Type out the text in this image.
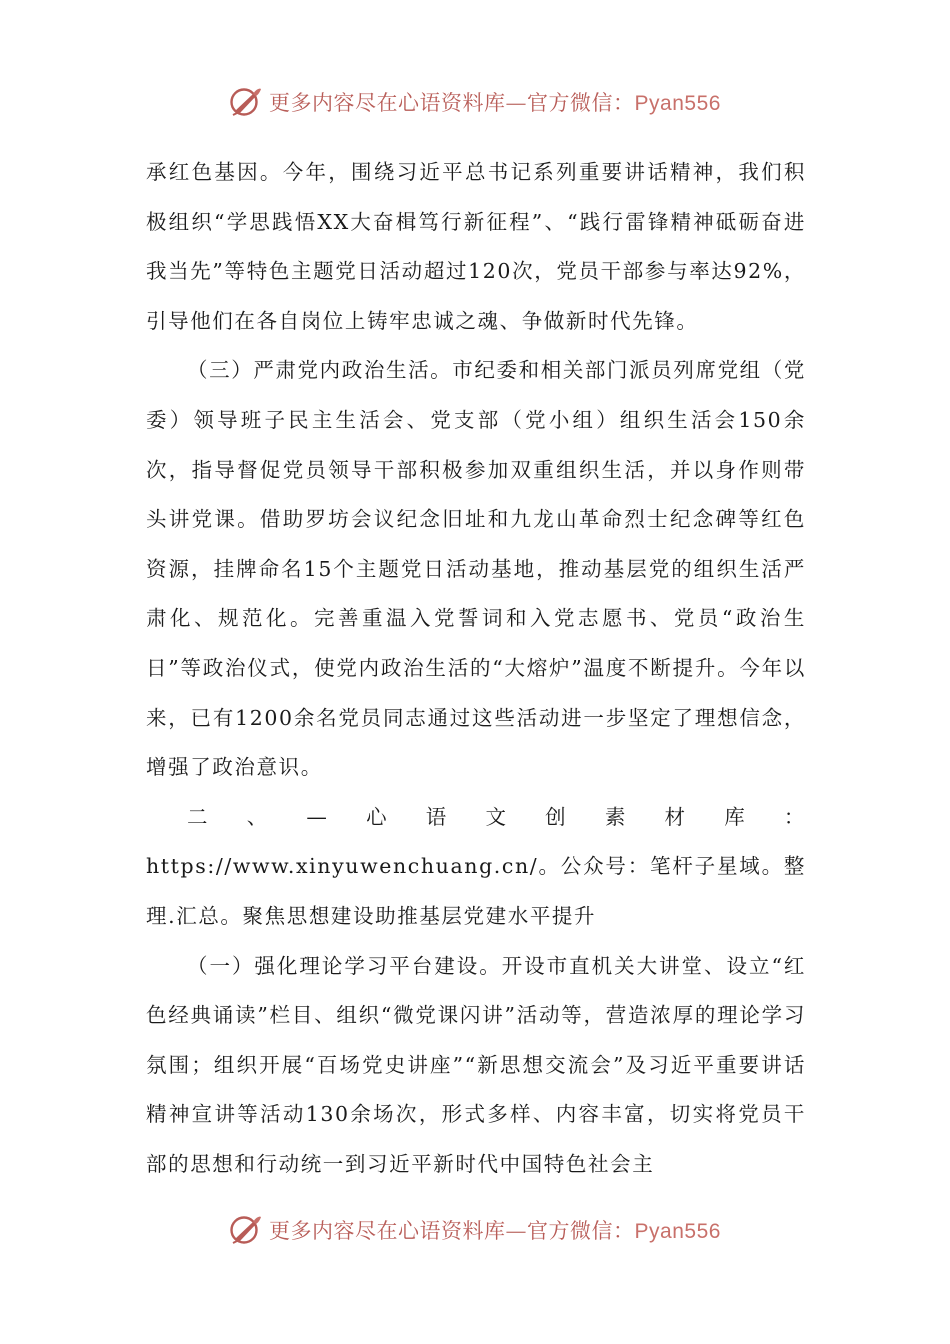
更多内容尽在心语资料库—官方微信：Pyan556

承红色基因。今年，围绕习近平总书记系列重要讲话精神，我们积极组织“学思践悟XX大奋楫笃行新征程”、“践行雷锋精神砥砺奋进我当先”等特色主题党日活动超过120次，党员干部参与率达92%，引导他们在各自岗位上铸牢忠诚之魂、争做新时代先锋。

（三）严肃党内政治生活。市纪委和相关部门派员列席党组（党委）领导班子民主生活会、党支部（党小组）组织生活会150余次，指导督促党员领导干部积极参加双重组织生活，并以身作则带头讲党课。借助罗坊会议纪念旧址和九龙山革命烈士纪念碑等红色资源，挂牌命名15个主题党日活动基地，推动基层党的组织生活严肃化、规范化。完善重温入党誓词和入党志愿书、党员“政治生日”等政治仪式，使党内政治生活的“大熔炉”温度不断提升。今年以来，已有1200余名党员同志通过这些活动进一步坚定了理想信念，增强了政治意识。

二、—心语文创素材库：https://www.xinyuwenchuang.cn/。公众号：笔杆子星域。整理.汇总。聚焦思想建设助推基层党建水平提升

（一）强化理论学习平台建设。开设市直机关大讲堂、设立“红色经典诵读”栏目、组织“微党课闪讲”活动等，营造浓厚的理论学习氛围；组织开展“百场党史讲座”“新思想交流会”及习近平重要讲话精神宣讲等活动130余场次，形式多样、内容丰富，切实将党员干部的思想和行动统一到习近平新时代中国特色社会主

更多内容尽在心语资料库—官方微信：Pyan556
